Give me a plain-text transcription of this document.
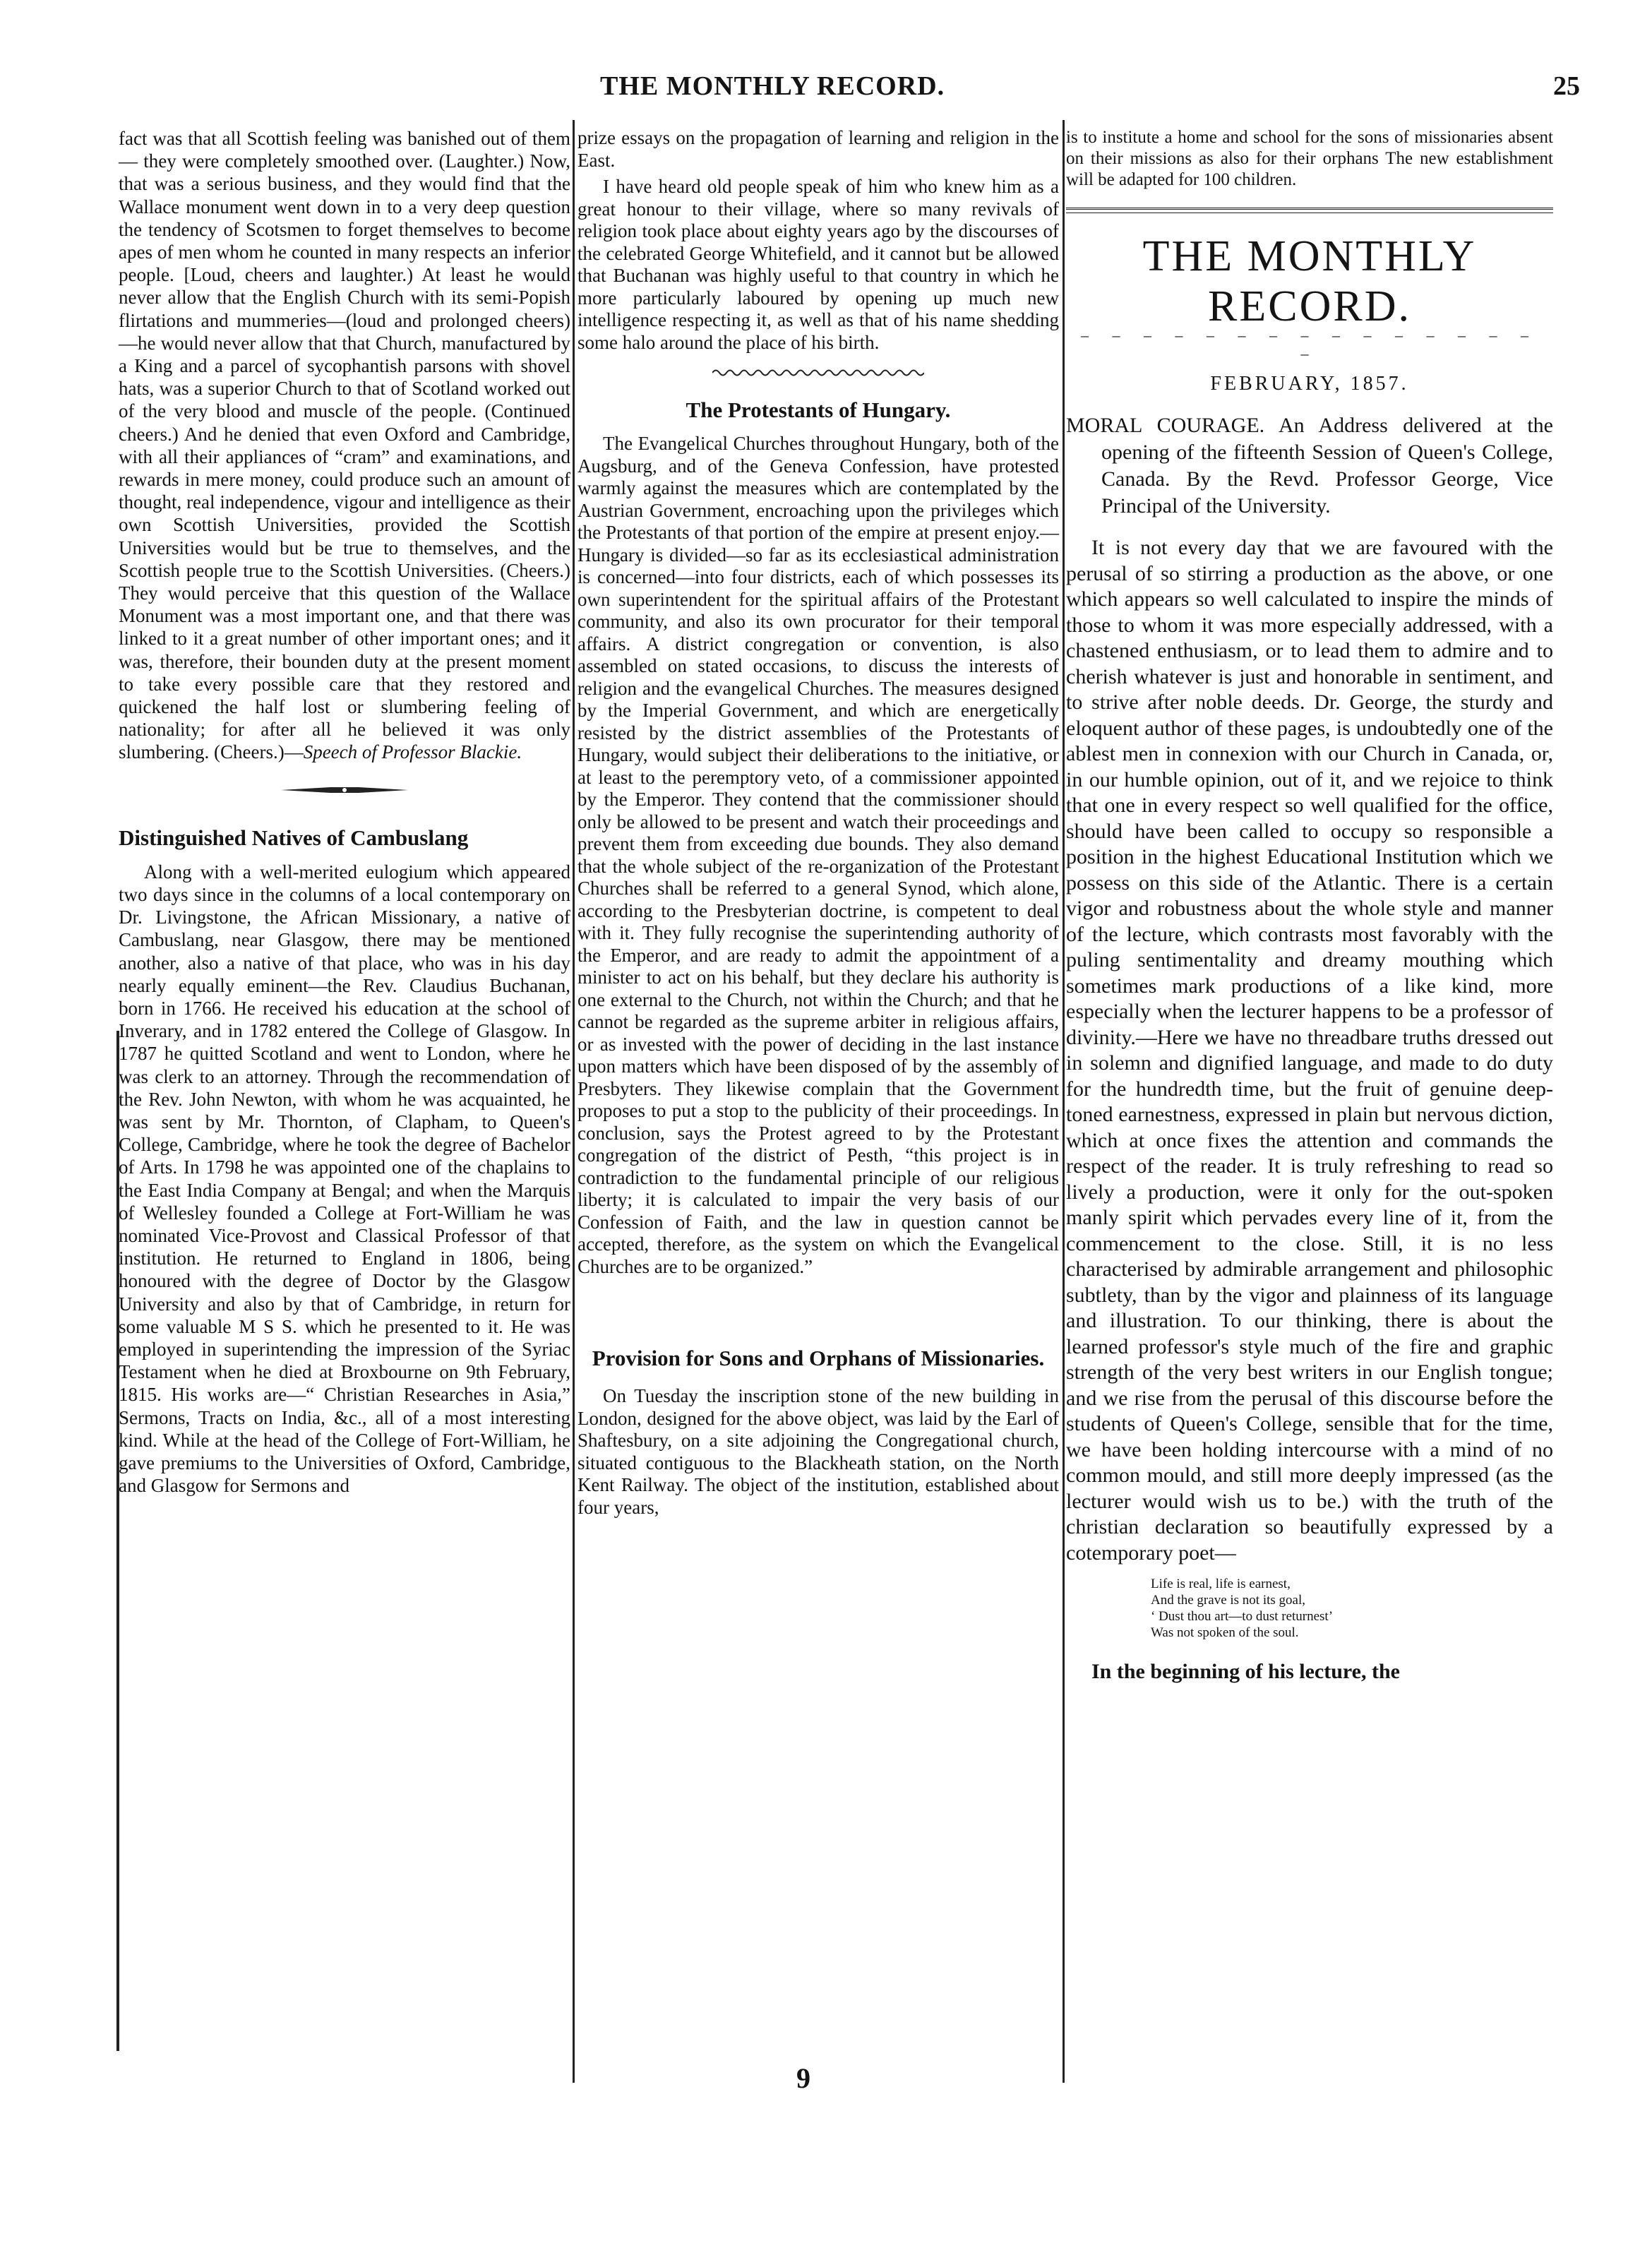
THE MONTHLY RECORD.	25

fact was that all Scottish feeling was banished out of them— they were completely smoothed over. (Laughter.) Now, that was a serious business, and they would find that the Wallace monument went down in to a very deep question the tendency of Scotsmen to forget themselves to become apes of men whom he counted in many respects an inferior people. [Loud, cheers and laughter.) At least he would never allow that the English Church with its semi-Popish flirtations and mummeries—(loud and prolonged cheers)—he would never allow that that Church, manufactured by a King and a parcel of sycophantish parsons with shovel hats, was a superior Church to that of Scotland worked out of the very blood and muscle of the people. (Continued cheers.) And he denied that even Oxford and Cambridge, with all their appliances of “cram” and examinations, and rewards in mere money, could produce such an amount of thought, real independence, vigour and intelligence as their own Scottish Universities, provided the Scottish Universities would but be true to themselves, and the Scottish people true to the Scottish Universities. (Cheers.) They would perceive that this question of the Wallace Monument was a most important one, and that there was linked to it a great number of other important ones; and it was, therefore, their bounden duty at the present moment to take every possible care that they restored and quickened the half lost or slumbering feeling of nationality; for after all he believed it was only slumbering. (Cheers.)—Speech of Professor Blackie.

Distinguished Natives of Cambuslang

Along with a well-merited eulogium which appeared two days since in the columns of a local contemporary on Dr. Livingstone, the African Missionary, a native of Cambuslang, near Glasgow, there may be mentioned another, also a native of that place, who was in his day nearly equally eminent—the Rev. Claudius Buchanan, born in 1766. He received his education at the school of Inverary, and in 1782 entered the College of Glasgow. In 1787 he quitted Scotland and went to London, where he was clerk to an attorney. Through the recommendation of the Rev. John Newton, with whom he was acquainted, he was sent by Mr. Thornton, of Clapham, to Queen's College, Cambridge, where he took the degree of Bachelor of Arts. In 1798 he was appointed one of the chaplains to the East India Company at Bengal; and when the Marquis of Wellesley founded a College at Fort-William he was nominated Vice-Provost and Classical Professor of that institution. He returned to England in 1806, being honoured with the degree of Doctor by the Glasgow University and also by that of Cambridge, in return for some valuable M S S. which he presented to it. He was employed in superintending the impression of the Syriac Testament when he died at Broxbourne on 9th February, 1815. His works are—“ Christian Researches in Asia,” Sermons, Tracts on India, &c., all of a most interesting kind. While at the head of the College of Fort-William, he gave premiums to the Universities of Oxford, Cambridge, and Glasgow for Sermons and

prize essays on the propagation of learning and religion in the East.

I have heard old people speak of him who knew him as a great honour to their village, where so many revivals of religion took place about eighty years ago by the discourses of the celebrated George Whitefield, and it cannot but be allowed that Buchanan was highly useful to that country in which he more particularly laboured by opening up much new intelligence respecting it, as well as that of his name shedding some halo around the place of his birth.

The Protestants of Hungary.

The Evangelical Churches throughout Hungary, both of the Augsburg, and of the Geneva Confession, have protested warmly against the measures which are contemplated by the Austrian Government, encroaching upon the privileges which the Protestants of that portion of the empire at present enjoy.—Hungary is divided—so far as its ecclesiastical administration is concerned—into four districts, each of which possesses its own superintendent for the spiritual affairs of the Protestant community, and also its own procurator for their temporal affairs. A district congregation or convention, is also assembled on stated occasions, to discuss the interests of religion and the evangelical Churches. The measures designed by the Imperial Government, and which are energetically resisted by the district assemblies of the Protestants of Hungary, would subject their deliberations to the initiative, or at least to the peremptory veto, of a commissioner appointed by the Emperor. They contend that the commissioner should only be allowed to be present and watch their proceedings and prevent them from exceeding due bounds. They also demand that the whole subject of the re-organization of the Protestant Churches shall be referred to a general Synod, which alone, according to the Presbyterian doctrine, is competent to deal with it. They fully recognise the superintending authority of the Emperor, and are ready to admit the appointment of a minister to act on his behalf, but they declare his authority is one external to the Church, not within the Church; and that he cannot be regarded as the supreme arbiter in religious affairs, or as invested with the power of deciding in the last instance upon matters which have been disposed of by the assembly of Presbyters. They likewise complain that the Government proposes to put a stop to the publicity of their proceedings. In conclusion, says the Protest agreed to by the Protestant congregation of the district of Pesth, “this project is in contradiction to the fundamental principle of our religious liberty; it is calculated to impair the very basis of our Confession of Faith, and the law in question cannot be accepted, therefore, as the system on which the Evangelical Churches are to be organized.”

Provision for Sons and Orphans of Missionaries.

On Tuesday the inscription stone of the new building in London, designed for the above object, was laid by the Earl of Shaftesbury, on a site adjoining the Congregational church, situated contiguous to the Blackheath station, on the North Kent Railway. The object of the institution, established about four years,

is to institute a home and school for the sons of missionaries absent on their missions as also for their orphans The new establishment will be adapted for 100 children.

THE MONTHLY RECORD.
– – – – – – – – – – – – – – – –
FEBRUARY, 1857.
MORAL COURAGE. An Address delivered at the opening of the fifteenth Session of Queen's College, Canada. By the Revd. Professor George, Vice Principal of the University.

It is not every day that we are favoured with the perusal of so stirring a production as the above, or one which appears so well calculated to inspire the minds of those to whom it was more especially addressed, with a chastened enthusiasm, or to lead them to admire and to cherish whatever is just and honorable in sentiment, and to strive after noble deeds. Dr. George, the sturdy and eloquent author of these pages, is undoubtedly one of the ablest men in connexion with our Church in Canada, or, in our humble opinion, out of it, and we rejoice to think that one in every respect so well qualified for the office, should have been called to occupy so responsible a position in the highest Educational Institution which we possess on this side of the Atlantic. There is a certain vigor and robustness about the whole style and manner of the lecture, which contrasts most favorably with the puling sentimentality and dreamy mouthing which sometimes mark productions of a like kind, more especially when the lecturer happens to be a professor of divinity.—Here we have no threadbare truths dressed out in solemn and dignified language, and made to do duty for the hundredth time, but the fruit of genuine deep-toned earnestness, expressed in plain but nervous diction, which at once fixes the attention and commands the respect of the reader. It is truly refreshing to read so lively a production, were it only for the out-spoken manly spirit which pervades every line of it, from the commencement to the close. Still, it is no less characterised by admirable arrangement and philosophic subtlety, than by the vigor and plainness of its language and illustration. To our thinking, there is about the learned professor's style much of the fire and graphic strength of the very best writers in our English tongue; and we rise from the perusal of this discourse before the students of Queen's College, sensible that for the time, we have been holding intercourse with a mind of no common mould, and still more deeply impressed (as the lecturer would wish us to be.) with the truth of the christian declaration so beautifully expressed by a cotemporary poet—

Life is real, life is earnest,
And the grave is not its goal,
‘ Dust thou art—to dust returnest’
Was not spoken of the soul.

In the beginning of his lecture, the

9
